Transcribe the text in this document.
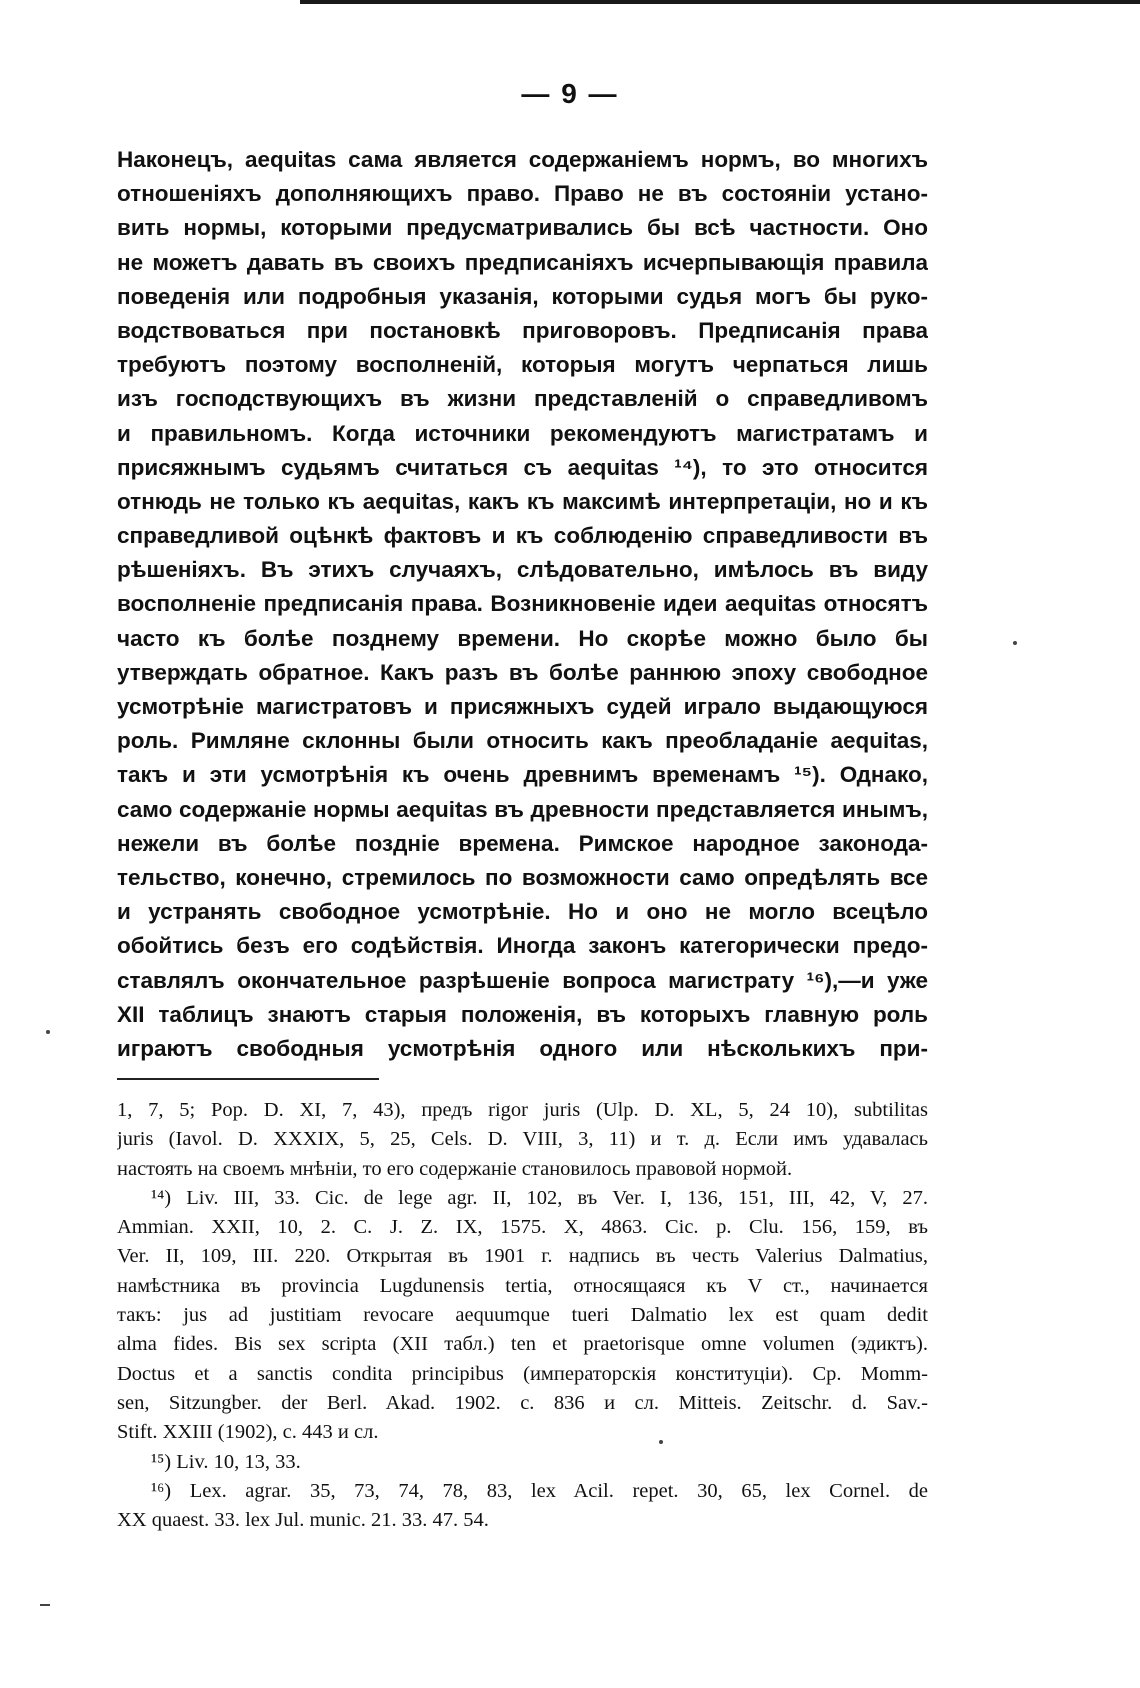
— 9 —
Наконецъ, aequitas сама является содержаніемъ нормъ, во многихъ
отношеніяхъ дополняющихъ право. Право не въ состояніи устано-
вить нормы, которыми предусматривались бы всѣ частности. Оно
не можетъ давать въ своихъ предписаніяхъ исчерпывающія правила
поведенія или подробныя указанія, которыми судья могъ бы руко-
водствоваться при постановкѣ приговоровъ. Предписанія права
требуютъ поэтому восполненій, которыя могутъ черпаться лишь
изъ господствующихъ въ жизни представленій о справедливомъ
и правильномъ. Когда источники рекомендуютъ магистратамъ и
присяжнымъ судьямъ считаться съ aequitas ¹⁴), то это относится
отнюдь не только къ aequitas, какъ къ максимѣ интерпретаціи, но и къ
справедливой оцѣнкѣ фактовъ и къ соблюденію справедливости въ
рѣшеніяхъ. Въ этихъ случаяхъ, слѣдовательно, имѣлось въ виду
восполненіе предписанія права. Возникновеніе идеи aequitas относятъ
часто къ болѣе позднему времени. Но скорѣе можно было бы
утверждать обратное. Какъ разъ въ болѣе раннюю эпоху свободное
усмотрѣніе магистратовъ и присяжныхъ судей играло выдающуюся
роль. Римляне склонны были относить какъ преобладаніе aequitas,
такъ и эти усмотрѣнія къ очень древнимъ временамъ ¹⁵). Однако,
само содержаніе нормы aequitas въ древности представляется инымъ,
нежели въ болѣе поздніе времена. Римское народное законода-
тельство, конечно, стремилось по возможности само опредѣлять все
и устранять свободное усмотрѣніе. Но и оно не могло всецѣло
обойтись безъ его содѣйствія. Иногда законъ категорически предо-
ставлялъ окончательное разрѣшеніе вопроса магистрату ¹⁶),—и уже
XII таблицъ знаютъ старыя положенія, въ которыхъ главную роль
играютъ свободныя усмотрѣнія одного или нѣсколькихъ при-
1, 7, 5; Pop. D. XI, 7, 43), предъ rigor juris (Ulp. D. XL, 5, 24 10), subtilitas
juris (Iavol. D. XXXIX, 5, 25, Cels. D. VIII, 3, 11) и т. д. Если имъ удавалась
настоять на своемъ мнѣніи, то его содержаніе становилось правовой нормой.
¹⁴) Liv. III, 33. Cic. de lege agr. II, 102, въ Ver. I, 136, 151, III, 42, V, 27.
Ammian. XXII, 10, 2. C. J. Z. IX, 1575. X, 4863. Cic. p. Clu. 156, 159, въ
Ver. II, 109, III. 220. Открытая въ 1901 г. надпись въ честь Valerius Dalmatius,
намѣстника въ provincia Lugdunensis tertia, относящаяся къ V ст., начинается
такъ: jus ad justitiam revocare aequumque tueri Dalmatio lex est quam dedit
alma fides. Bis sex scripta (XII табл.) ten et praetorisque omne volumen (эдиктъ).
Doctus et a sanctis condita principibus (императорскія конституціи). Cp. Momm-
sen, Sitzungber. der Berl. Akad. 1902. c. 836 и сл. Mitteis. Zeitschr. d. Sav.-
Stift. XXIII (1902), c. 443 и сл.
¹⁵) Liv. 10, 13, 33.
¹⁶) Lex. agrar. 35, 73, 74, 78, 83, lex Acil. repet. 30, 65, lex Cornel. de
XX quaest. 33. lex Jul. munic. 21. 33. 47. 54.
